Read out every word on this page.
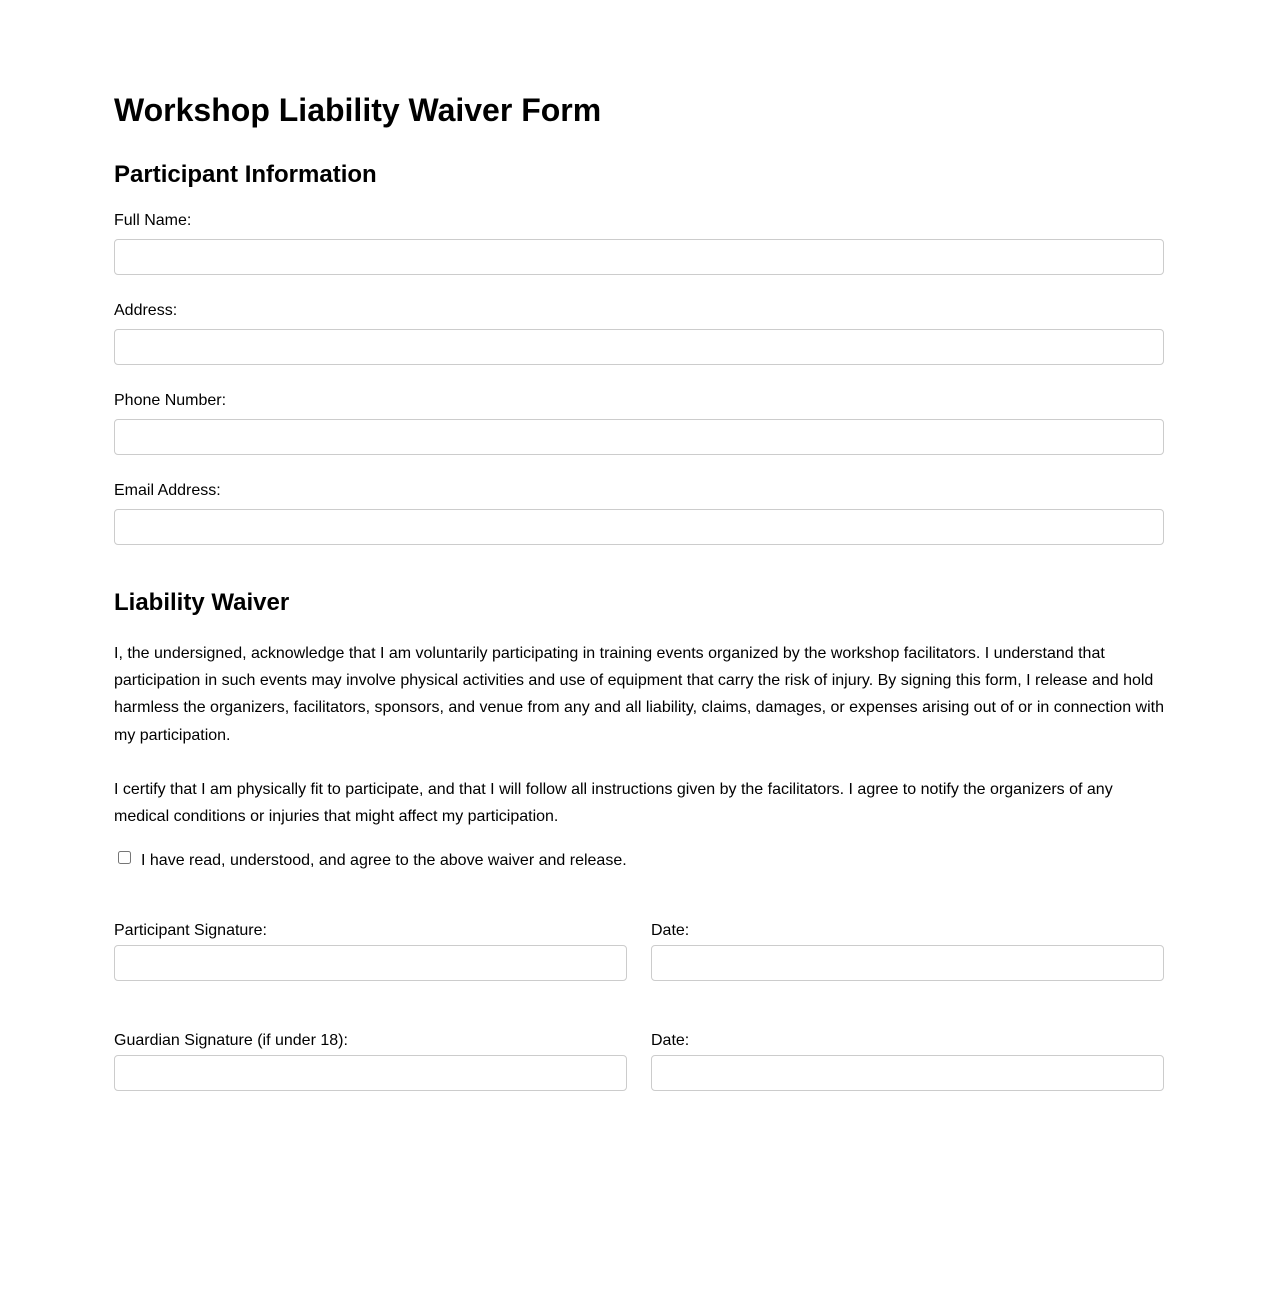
Workshop Liability Waiver Form
Participant Information
Full Name:
Address:
Phone Number:
Email Address:
Liability Waiver

I, the undersigned, acknowledge that I am voluntarily participating in training events organized by the workshop facilitators. I understand that participation in such events may involve physical activities and use of equipment that carry the risk of injury. By signing this form, I release and hold harmless the organizers, facilitators, sponsors, and venue from any and all liability, claims, damages, or expenses arising out of or in connection with my participation.

I certify that I am physically fit to participate, and that I will follow all instructions given by the facilitators. I agree to notify the organizers of any medical conditions or injuries that might affect my participation.

I have read, understood, and agree to the above waiver and release.
Participant Signature:	Date:
Guardian Signature (if under 18):	Date:
